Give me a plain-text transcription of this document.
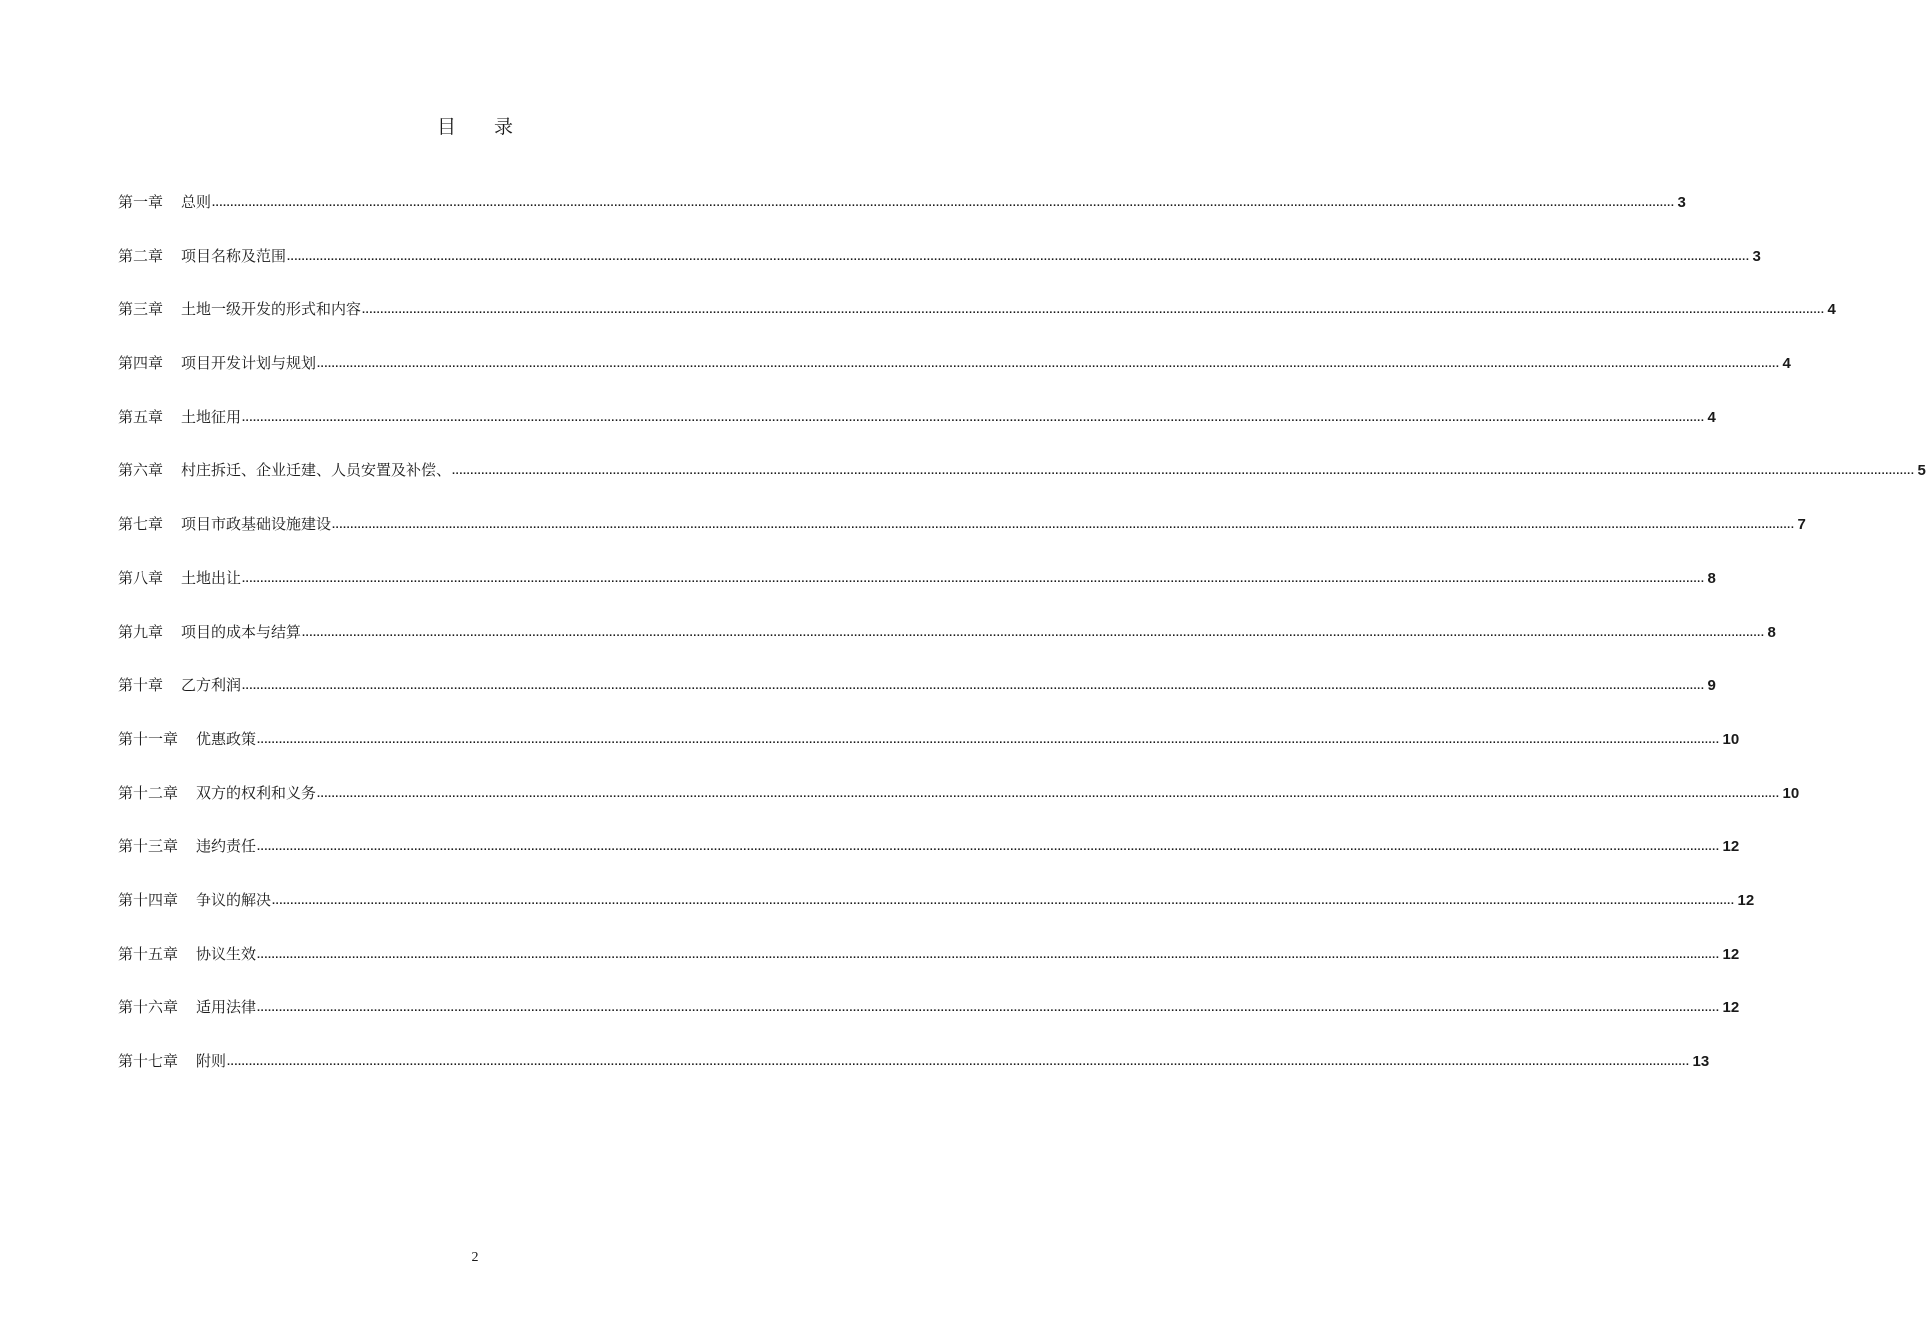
目 录
第一章 总则 ................................................................................................................................................................................................................................................................................................................................................................................................................ 3
第二章 项目名称及范围 ................................................................................................................................................................................................................................................................................................................................................................................................................ 3
第三章 土地一级开发的形式和内容 ................................................................................................................................................................................................................................................................................................................................................................................................................ 4
第四章 项目开发计划与规划 ................................................................................................................................................................................................................................................................................................................................................................................................................ 4
第五章 土地征用 ................................................................................................................................................................................................................................................................................................................................................................................................................ 4
第六章 村庄拆迁、企业迁建、人员安置及补偿、 ................................................................................................................................................................................................................................................................................................................................................................................................................ 5
第七章 项目市政基础设施建设 ................................................................................................................................................................................................................................................................................................................................................................................................................ 7
第八章 土地出让 ................................................................................................................................................................................................................................................................................................................................................................................................................ 8
第九章 项目的成本与结算 ................................................................................................................................................................................................................................................................................................................................................................................................................ 8
第十章 乙方利润 ................................................................................................................................................................................................................................................................................................................................................................................................................ 9
第十一章 优惠政策 ................................................................................................................................................................................................................................................................................................................................................................................................................ 10
第十二章 双方的权利和义务 ................................................................................................................................................................................................................................................................................................................................................................................................................ 10
第十三章 违约责任 ................................................................................................................................................................................................................................................................................................................................................................................................................ 12
第十四章 争议的解决 ................................................................................................................................................................................................................................................................................................................................................................................................................ 12
第十五章 协议生效 ................................................................................................................................................................................................................................................................................................................................................................................................................ 12
第十六章 适用法律 ................................................................................................................................................................................................................................................................................................................................................................................................................ 12
第十七章 附则 ................................................................................................................................................................................................................................................................................................................................................................................................................ 13
2
